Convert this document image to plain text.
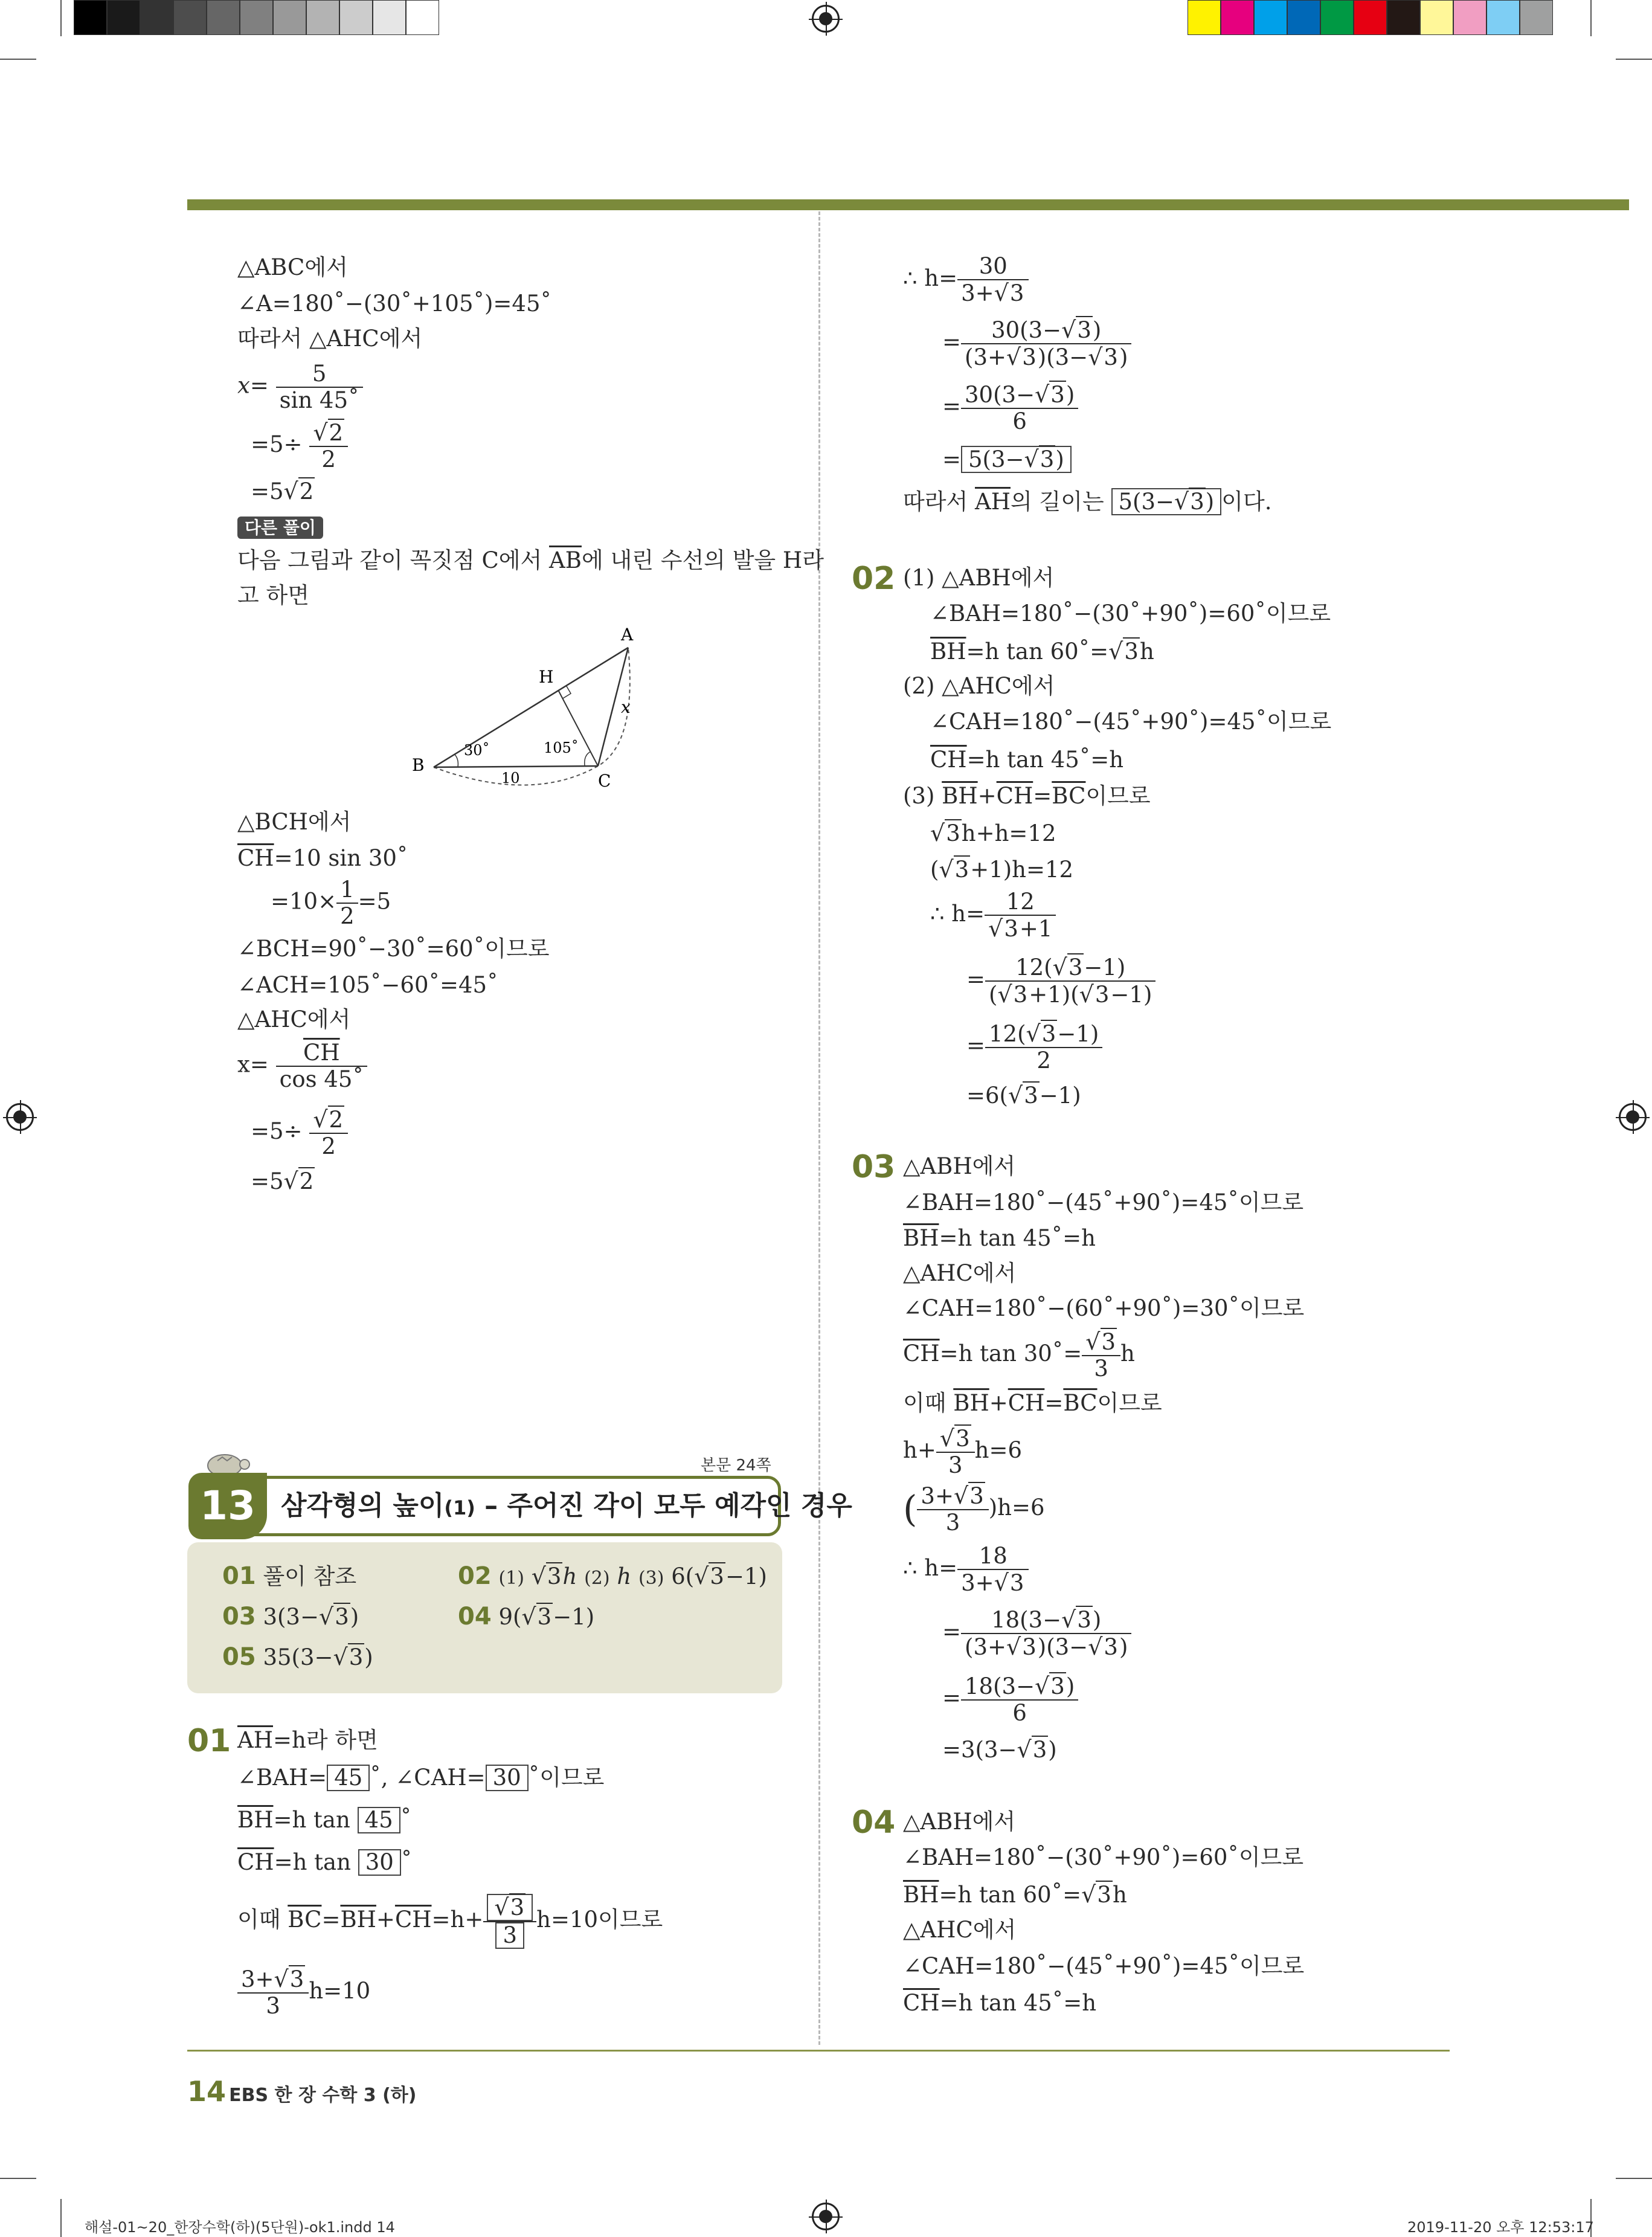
△ABC에서
∠A=180˚−(30˚+105˚)=45˚
따라서 △AHC에서
$x= \frac{5}{\sin 45˚}$
$=5\div \frac{√2}{2}$
=5√2
다른 풀이
다음 그림과 같이 꼭짓점 C에서 $\overline{AB}$에 내린 수선의 발을 H라
고 하면
A
B
C
H
x
30˚	105˚
10
△BCH에서
$\overline{CH}=10$ sin 30˚
$=10\times \frac{1}{2} =5$
∠BCH=90˚−30˚=60˚이므로
∠ACH=105˚−60˚=45˚
△AHC에서
$x= \frac{\overline{CH}}{\cos 45˚}$
$=5\div \frac{√2}{2}$
=5√2
본문 24쪽
13 삼각형의 높이(1) – 주어진 각이 모두 예각인 경우
01 풀이 참조	02 (1) √3h (2) h (3) 6(√3−1)
03 3(3−√3)	04 9(√3−1)
05 35(3−√3)
01 $\overline{AH}=h$라 하면
∠BAH= 45 ˚, ∠CAH= 30 ˚이므로
$\overline{BH}=h$ tan 45 ˚
$\overline{CH}=h$ tan 30 ˚
이때 $\overline{BC}=\overline{BH}+\overline{CH}=h+ \frac{√3}{3} h=10$이므로
$\frac{3+√3}{3} h=10$
∴ $h= \frac{30}{3+√3}$
= $\frac{30(3-√3)}{(3+√3)(3-√3)}$
= $\frac{30(3-√3)}{6}$
= 5(3−√3)
따라서 $\overline{AH}$의 길이는 5(3−√3) 이다.
02 (1) △ABH에서
∠BAH=180˚−(30˚+90˚)=60˚이므로
$\overline{BH}=h$ tan 60˚=√3h
(2) △AHC에서
∠CAH=180˚−(45˚+90˚)=45˚이므로
$\overline{CH}=h$ tan 45˚=h
(3) $\overline{BH}+\overline{CH}=\overline{BC}$이므로
√3h+h=12
(√3+1)h=12
∴ $h= \frac{12}{√3+1}$
= $\frac{12(√3-1)}{(√3+1)(√3-1)}$
= $\frac{12(√3-1)}{2}$
=6(√3−1)
03 △ABH에서
∠BAH=180˚−(45˚+90˚)=45˚이므로
$\overline{BH}=h$ tan 45˚=h
△AHC에서
∠CAH=180˚−(60˚+90˚)=30˚이므로
$\overline{CH}=h$ tan 30˚= $\frac{√3}{3}$ h
이때 $\overline{BH}+\overline{CH}=\overline{BC}$이므로
$h+ \frac{√3}{3} h=6$
( $\frac{3+√3}{3} )h=6$
∴ $h= \frac{18}{3+√3}$
= $\frac{18(3-√3)}{(3+√3)(3-√3)}$
= $\frac{18(3-√3)}{6}$
=3(3−√3)
04 △ABH에서
∠BAH=180˚−(30˚+90˚)=60˚이므로
$\overline{BH}=h$ tan 60˚=√3h
△AHC에서
∠CAH=180˚−(45˚+90˚)=45˚이므로
$\overline{CH}=h$ tan 45˚=h
14 EBS 한 장 수학 3 (하)
해설-01~20_한장수학(하)(5단원)-ok1.indd 14	2019-11-20 오후 12:53:17
